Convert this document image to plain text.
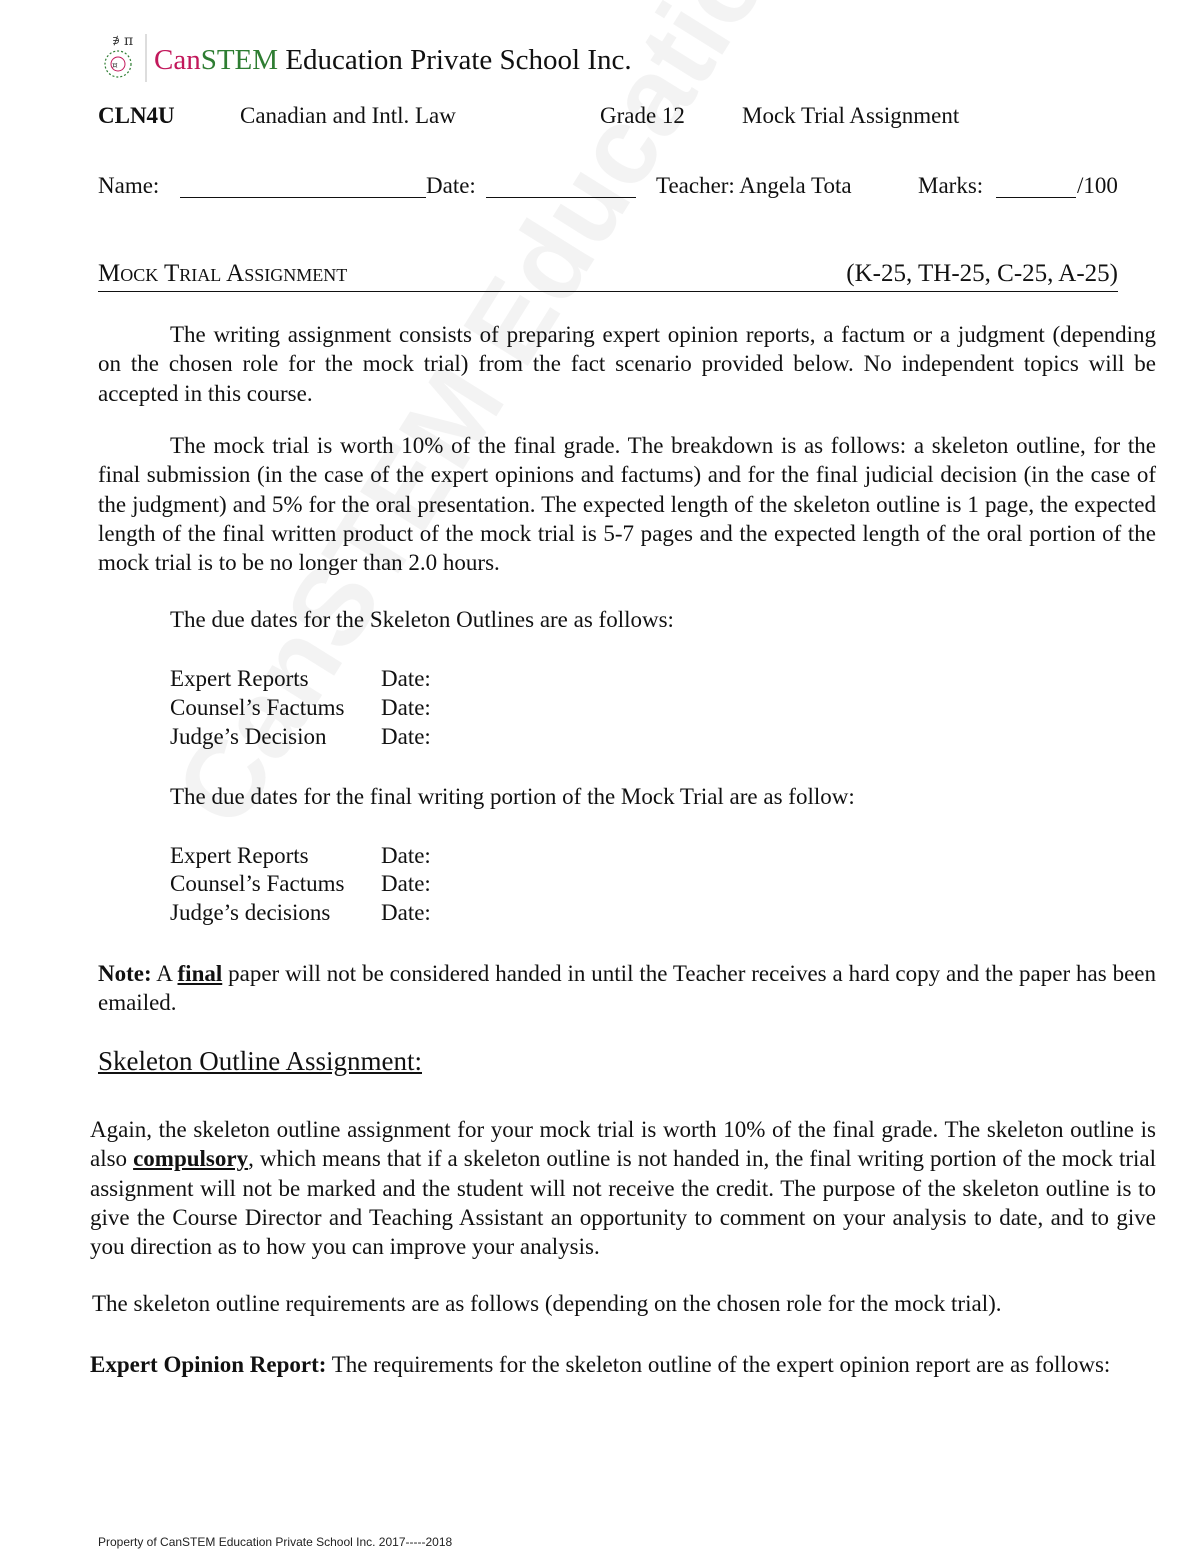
∌ π
¤ CanSTEM Education Private School Inc.
CLN4U	Canadian and Intl. Law	Grade 12 Mock Trial Assignment
Name:	Date:	Teacher: Angela Tota	Marks:	/100
Mock Trial Assignment	(K-25, TH-25, C-25, A-25)
The writing assignment consists of preparing expert opinion reports, a factum or a judgment (depending on the chosen role for the mock trial) from the fact scenario provided below. No independent topics will be accepted in this course.
The mock trial is worth 10% of the final grade. The breakdown is as follows: a skeleton outline, for the final submission (in the case of the expert opinions and factums) and for the final judicial decision (in the case of the judgment) and 5% for the oral presentation. The expected length of the skeleton outline is 1 page, the expected length of the final written product of the mock trial is 5-7 pages and the expected length of the oral portion of the mock trial is to be no longer than 2.0 hours.
The due dates for the Skeleton Outlines are as follows:
Expert Reports	Date:
Counsel’s Factums Date:
Judge’s Decision Date:
The due dates for the final writing portion of the Mock Trial are as follow:
Expert Reports	Date:
Counsel’s Factums Date:
Judge’s decisions Date:
Note: A final paper will not be considered handed in until the Teacher receives a hard copy and the paper has been emailed.
Skeleton Outline Assignment:
Again, the skeleton outline assignment for your mock trial is worth 10% of the final grade. The skeleton outline is also compulsory, which means that if a skeleton outline is not handed in, the final writing portion of the mock trial assignment will not be marked and the student will not receive the credit. The purpose of the skeleton outline is to give the Course Director and Teaching Assistant an opportunity to comment on your analysis to date, and to give you direction as to how you can improve your analysis.
The skeleton outline requirements are as follows (depending on the chosen role for the mock trial).
Expert Opinion Report: The requirements for the skeleton outline of the expert opinion report are as follows:
Property of CanSTEM Education Private School Inc. 2017-----2018
